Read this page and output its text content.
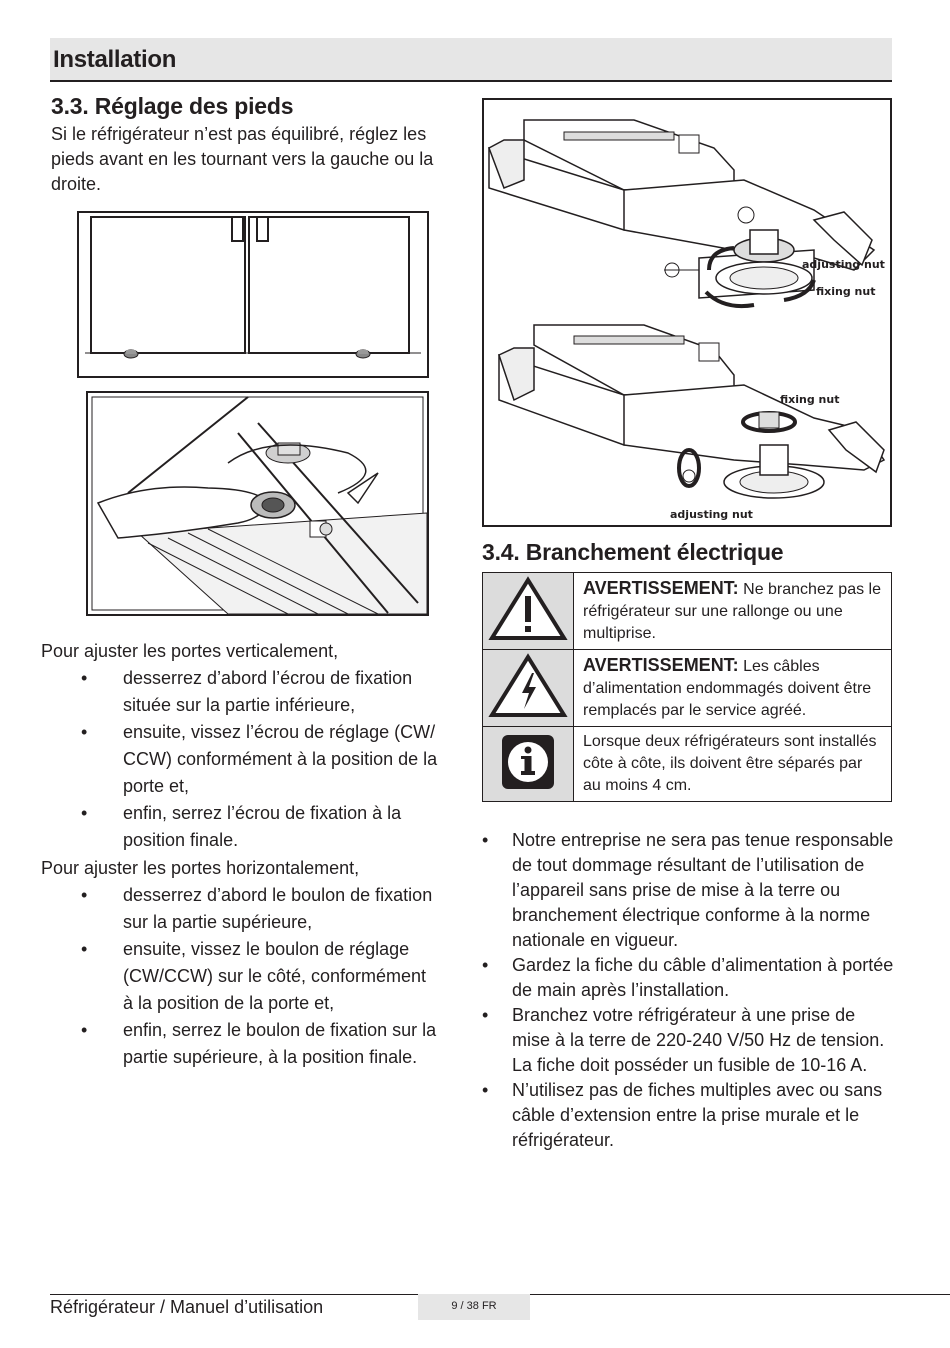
Installation
3.3. Réglage des pieds
Si le réfrigérateur n’est pas équilibré, réglez les pieds avant en les tournant vers la gauche ou la droite.
adjusting nut
fixing nut
fixing nut
adjusting nut
Pour ajuster les portes verticalement,
• desserrez d’abord l’écrou de fixation située sur la partie inférieure,
• ensuite, vissez l’écrou de réglage (CW/ CCW) conformément à la position de la porte et,
• enfin, serrez l’écrou de fixation à la position finale.
Pour ajuster les portes horizontalement,
• desserrez d’abord le boulon de fixation sur la partie supérieure,
• ensuite, vissez le boulon de réglage (CW/CCW) sur le côté, conformément à la position de la porte et,
• enfin, serrez le boulon de fixation sur la partie supérieure, à la position finale.
3.4. Branchement électrique
	AVERTISSEMENT: Ne branchez pas le réfrigérateur sur une rallonge ou une multiprise.
	AVERTISSEMENT: Les câbles d’alimentation endommagés doivent être remplacés par le service agréé.
	Lorsque deux réfrigérateurs sont installés côte à côte, ils doivent être séparés par au moins 4 cm.
• Notre entreprise ne sera pas tenue responsable de tout dommage résultant de l’utilisation de l’appareil sans prise de mise à la terre ou branchement électrique conforme à la norme nationale en vigueur.
• Gardez la fiche du câble d’alimentation à portée de main après l’installation.
• Branchez votre réfrigérateur à une prise de mise à la terre de 220-240 V/50 Hz de tension. La fiche doit posséder un fusible de 10-16 A.
• N’utilisez pas de fiches multiples avec ou sans câble d’extension entre la prise murale et le réfrigérateur.
Réfrigérateur / Manuel d’utilisation	9 / 38 FR
